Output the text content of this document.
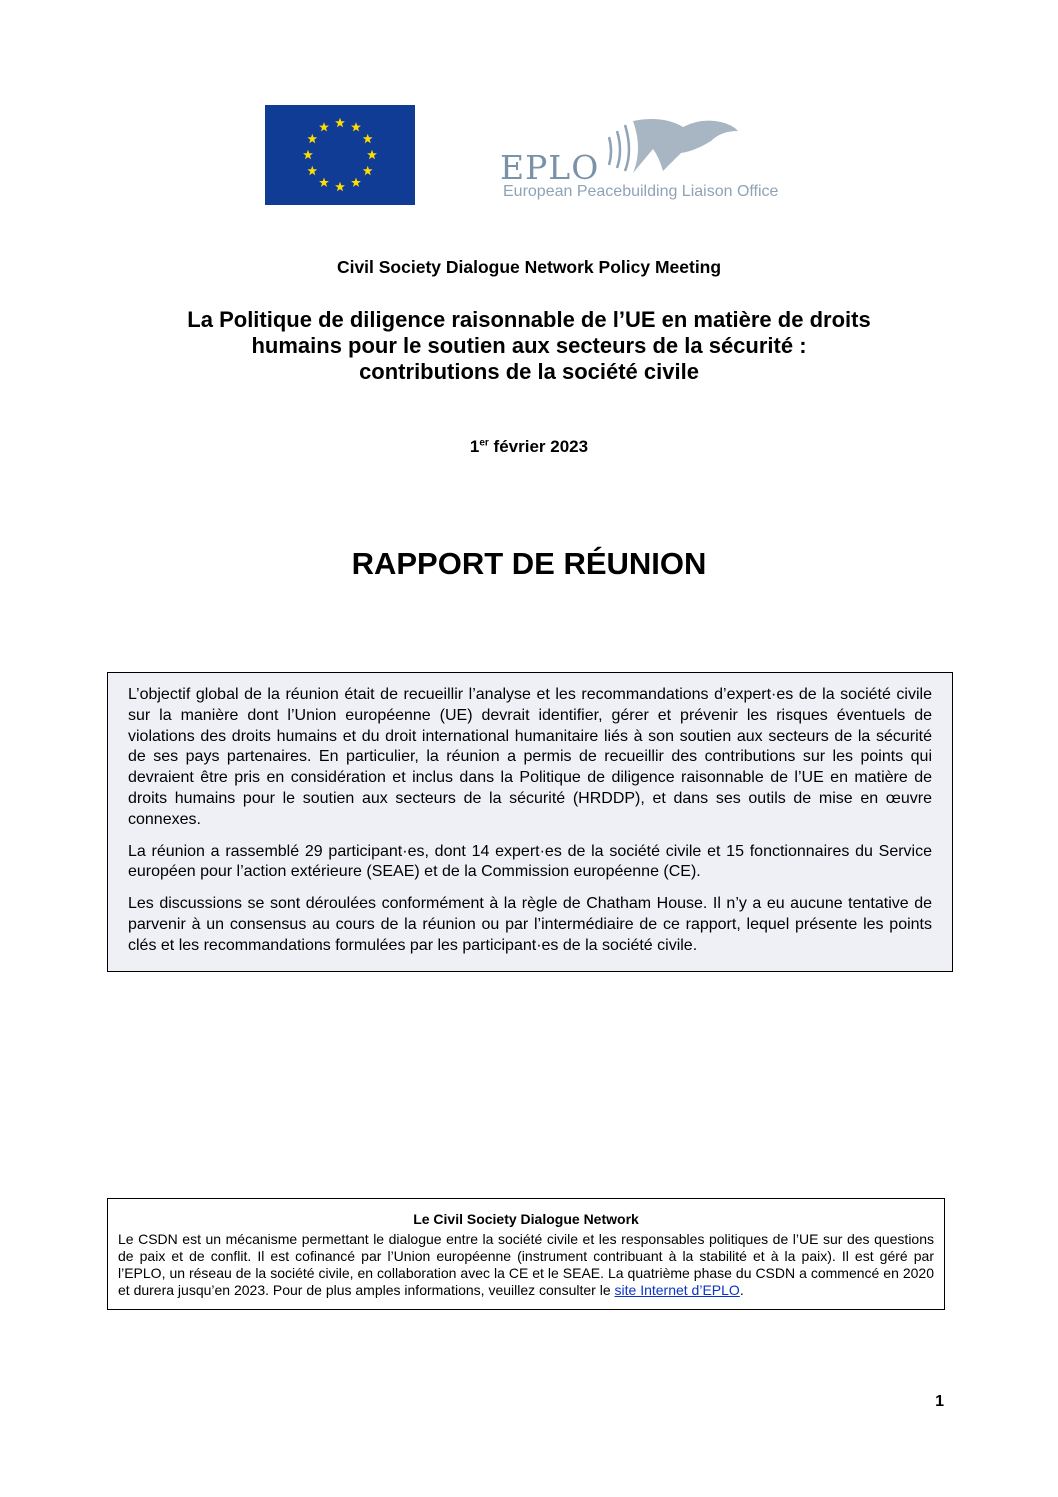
EPLO
European Peacebuilding Liaison Office
Civil Society Dialogue Network Policy Meeting
La Politique de diligence raisonnable de l’UE en matière de droits
humains pour le soutien aux secteurs de la sécurité :
contributions de la société civile
1er février 2023
RAPPORT DE RÉUNION

L’objectif global de la réunion était de recueillir l’analyse et les recommandations d’expert·es de la société civile sur la manière dont l’Union européenne (UE) devrait identifier, gérer et prévenir les risques éventuels de violations des droits humains et du droit international humanitaire liés à son soutien aux secteurs de la sécurité de ses pays partenaires. En particulier, la réunion a permis de recueillir des contributions sur les points qui devraient être pris en considération et inclus dans la Politique de diligence raisonnable de l’UE en matière de droits humains pour le soutien aux secteurs de la sécurité (HRDDP), et dans ses outils de mise en œuvre connexes.

La réunion a rassemblé 29 participant·es, dont 14 expert·es de la société civile et 15 fonctionnaires du Service européen pour l’action extérieure (SEAE) et de la Commission européenne (CE).

Les discussions se sont déroulées conformément à la règle de Chatham House. Il n’y a eu aucune tentative de parvenir à un consensus au cours de la réunion ou par l’intermédiaire de ce rapport, lequel présente les points clés et les recommandations formulées par les participant·es de la société civile.

Le Civil Society Dialogue Network

Le CSDN est un mécanisme permettant le dialogue entre la société civile et les responsables politiques de l’UE sur des questions de paix et de conflit. Il est cofinancé par l’Union européenne (instrument contribuant à la stabilité et à la paix). Il est géré par l’EPLO, un réseau de la société civile, en collaboration avec la CE et le SEAE. La quatrième phase du CSDN a commencé en 2020 et durera jusqu’en 2023. Pour de plus amples informations, veuillez consulter le site Internet d’EPLO.

1
